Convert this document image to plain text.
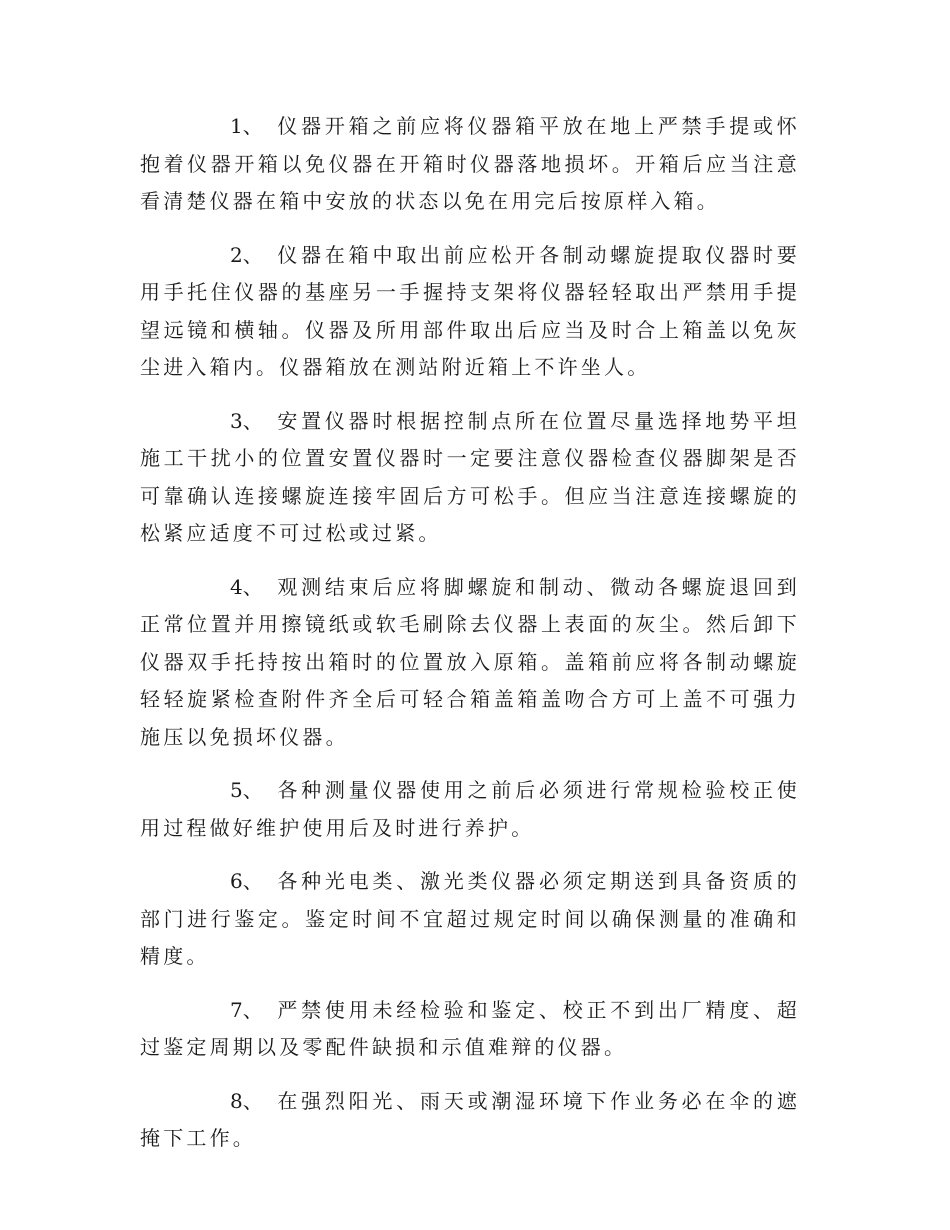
1、 仪器开箱之前应将仪器箱平放在地上严禁手提或怀抱着仪器开箱以免仪器在开箱时仪器落地损坏。开箱后应当注意看清楚仪器在箱中安放的状态以免在用完后按原样入箱。

2、 仪器在箱中取出前应松开各制动螺旋提取仪器时要用手托住仪器的基座另一手握持支架将仪器轻轻取出严禁用手提望远镜和横轴。仪器及所用部件取出后应当及时合上箱盖以免灰尘进入箱内。仪器箱放在测站附近箱上不许坐人。

3、 安置仪器时根据控制点所在位置尽量选择地势平坦施工干扰小的位置安置仪器时一定要注意仪器检查仪器脚架是否可靠确认连接螺旋连接牢固后方可松手。但应当注意连接螺旋的松紧应适度不可过松或过紧。

4、 观测结束后应将脚螺旋和制动、微动各螺旋退回到正常位置并用擦镜纸或软毛刷除去仪器上表面的灰尘。然后卸下仪器双手托持按出箱时的位置放入原箱。盖箱前应将各制动螺旋轻轻旋紧检查附件齐全后可轻合箱盖箱盖吻合方可上盖不可强力施压以免损坏仪器。

5、 各种测量仪器使用之前后必须进行常规检验校正使用过程做好维护使用后及时进行养护。

6、 各种光电类、激光类仪器必须定期送到具备资质的部门进行鉴定。鉴定时间不宜超过规定时间以确保测量的准确和精度。

7、 严禁使用未经检验和鉴定、校正不到出厂精度、超过鉴定周期以及零配件缺损和示值难辩的仪器。

8、 在强烈阳光、雨天或潮湿环境下作业务必在伞的遮掩下工作。
